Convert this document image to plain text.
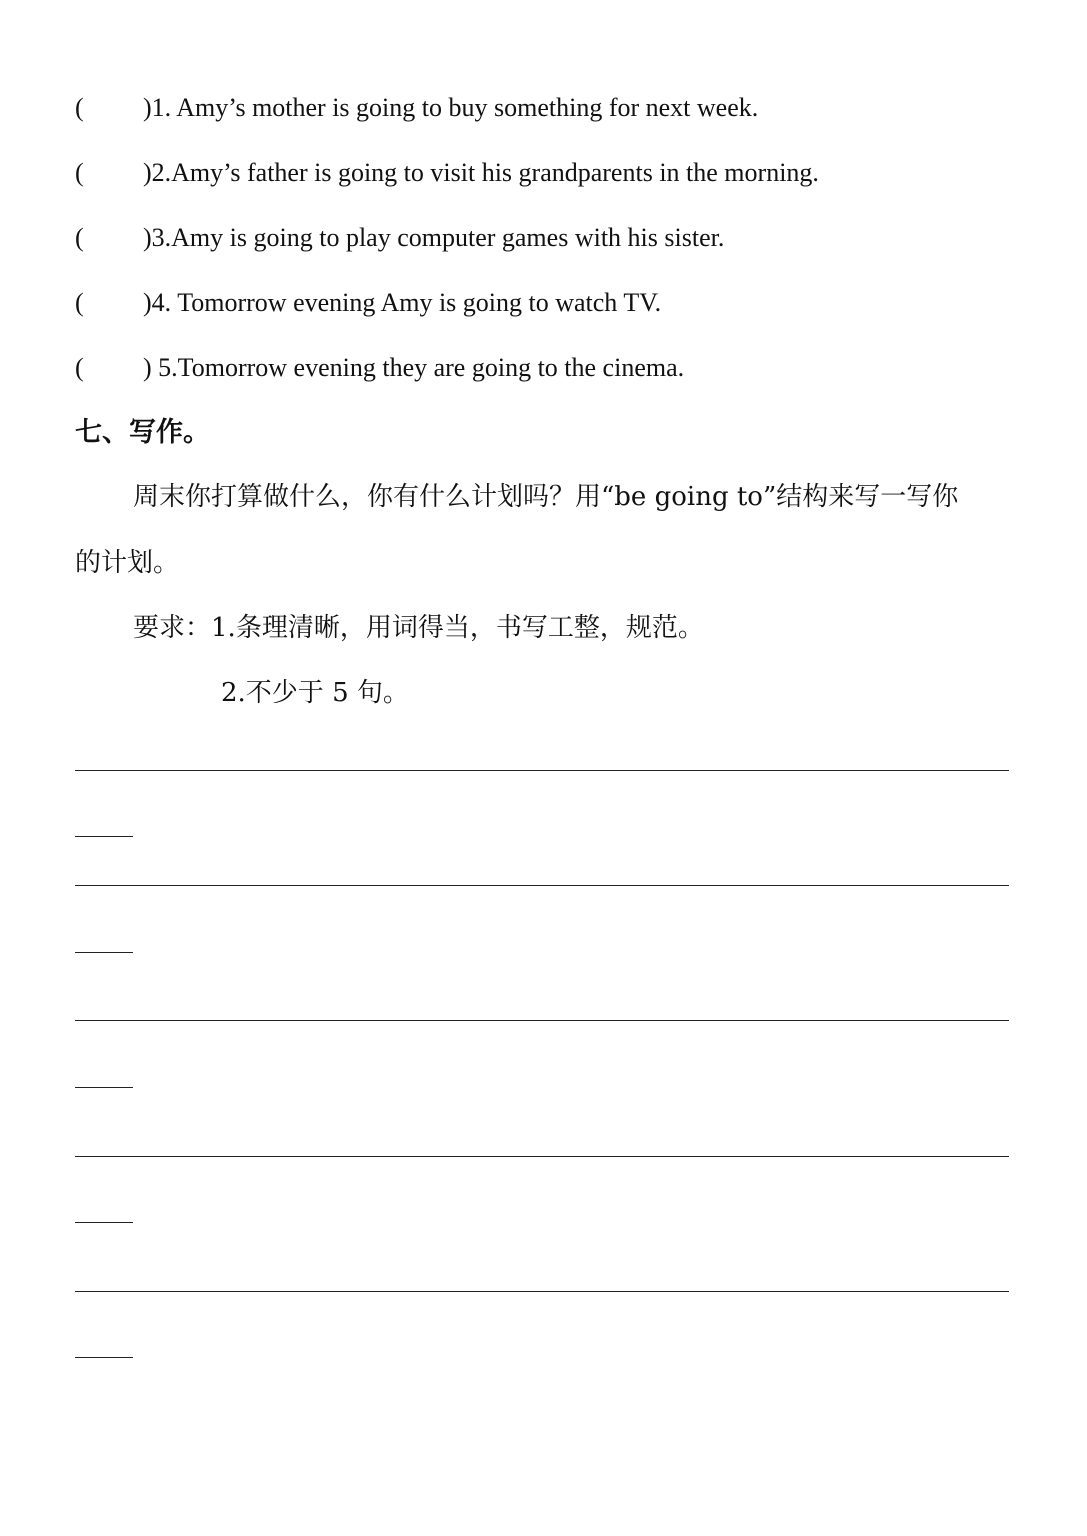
( )1. Amy’s mother is going to buy something for next week.
( )2.Amy’s father is going to visit his grandparents in the morning.
( )3.Amy is going to play computer games with his sister.
( )4. Tomorrow evening Amy is going to watch TV.
( ) 5.Tomorrow evening they are going to the cinema.
七、写作。
周末你打算做什么，你有什么计划吗？用“be going to”结构来写一写你
的计划。
要求：1.条理清晰，用词得当，书写工整，规范。
2.不少于 5 句。
